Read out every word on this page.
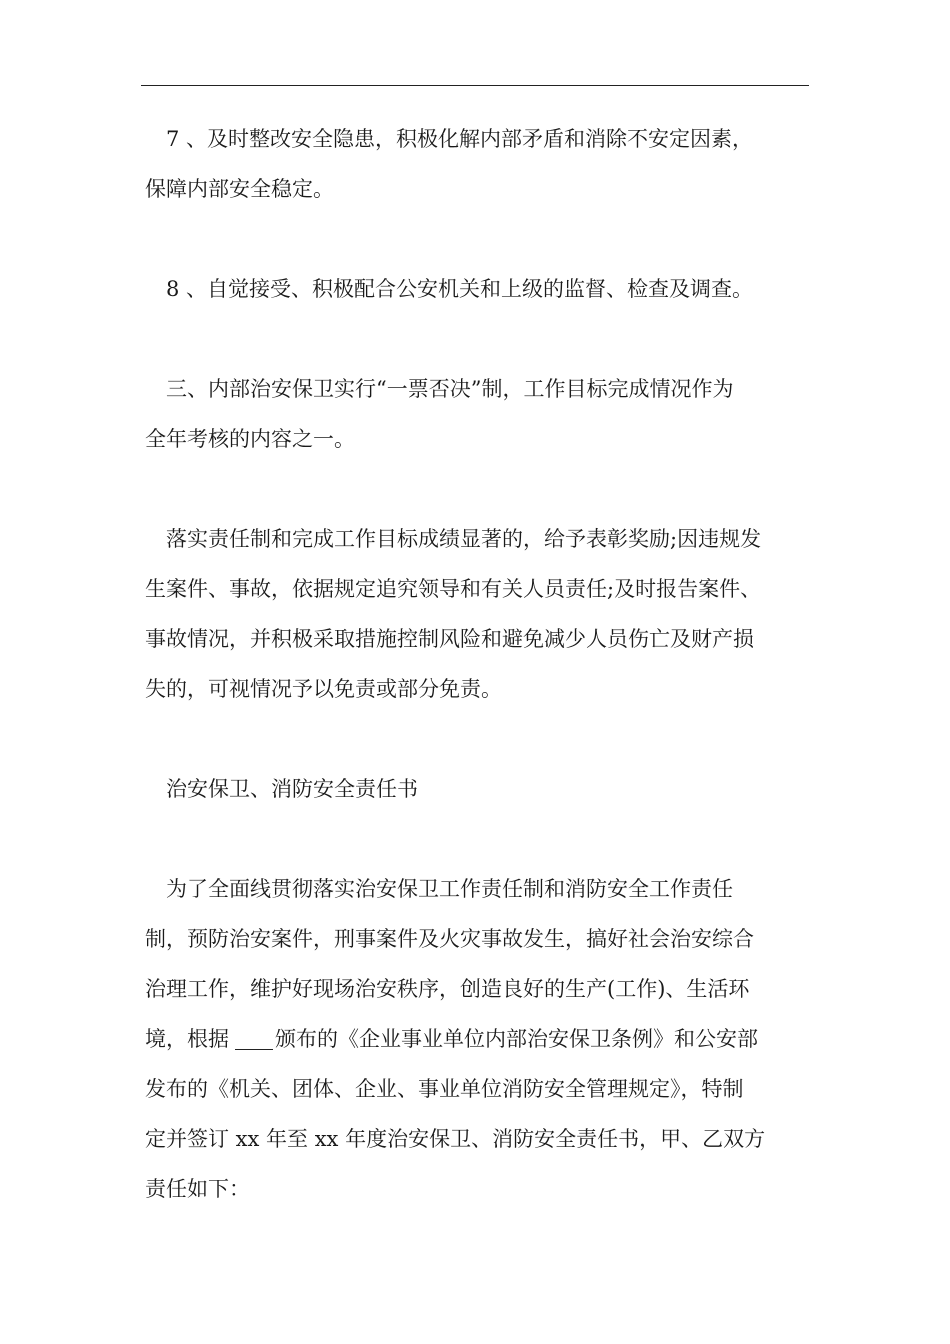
7 、及时整改安全隐患，积极化解内部矛盾和消除不安定因素，
保障内部安全稳定。
8 、自觉接受、积极配合公安机关和上级的监督、检查及调查。
三、内部治安保卫实行“一票否决”制，工作目标完成情况作为
全年考核的内容之一。
落实责任制和完成工作目标成绩显著的，给予表彰奖励;因违规发
生案件、事故，依据规定追究领导和有关人员责任;及时报告案件、
事故情况，并积极采取措施控制风险和避免减少人员伤亡及财产损
失的，可视情况予以免责或部分免责。
治安保卫、消防安全责任书
为了全面线贯彻落实治安保卫工作责任制和消防安全工作责任
制，预防治安案件，刑事案件及火灾事故发生，搞好社会治安综合
治理工作，维护好现场治安秩序，创造良好的生产(工作)、生活环
境，根据 颁布的《企业事业单位内部治安保卫条例》和公安部
发布的《机关、团体、企业、事业单位消防安全管理规定》，特制
定并签订 xx 年至 xx 年度治安保卫、消防安全责任书，甲、乙双方
责任如下：
